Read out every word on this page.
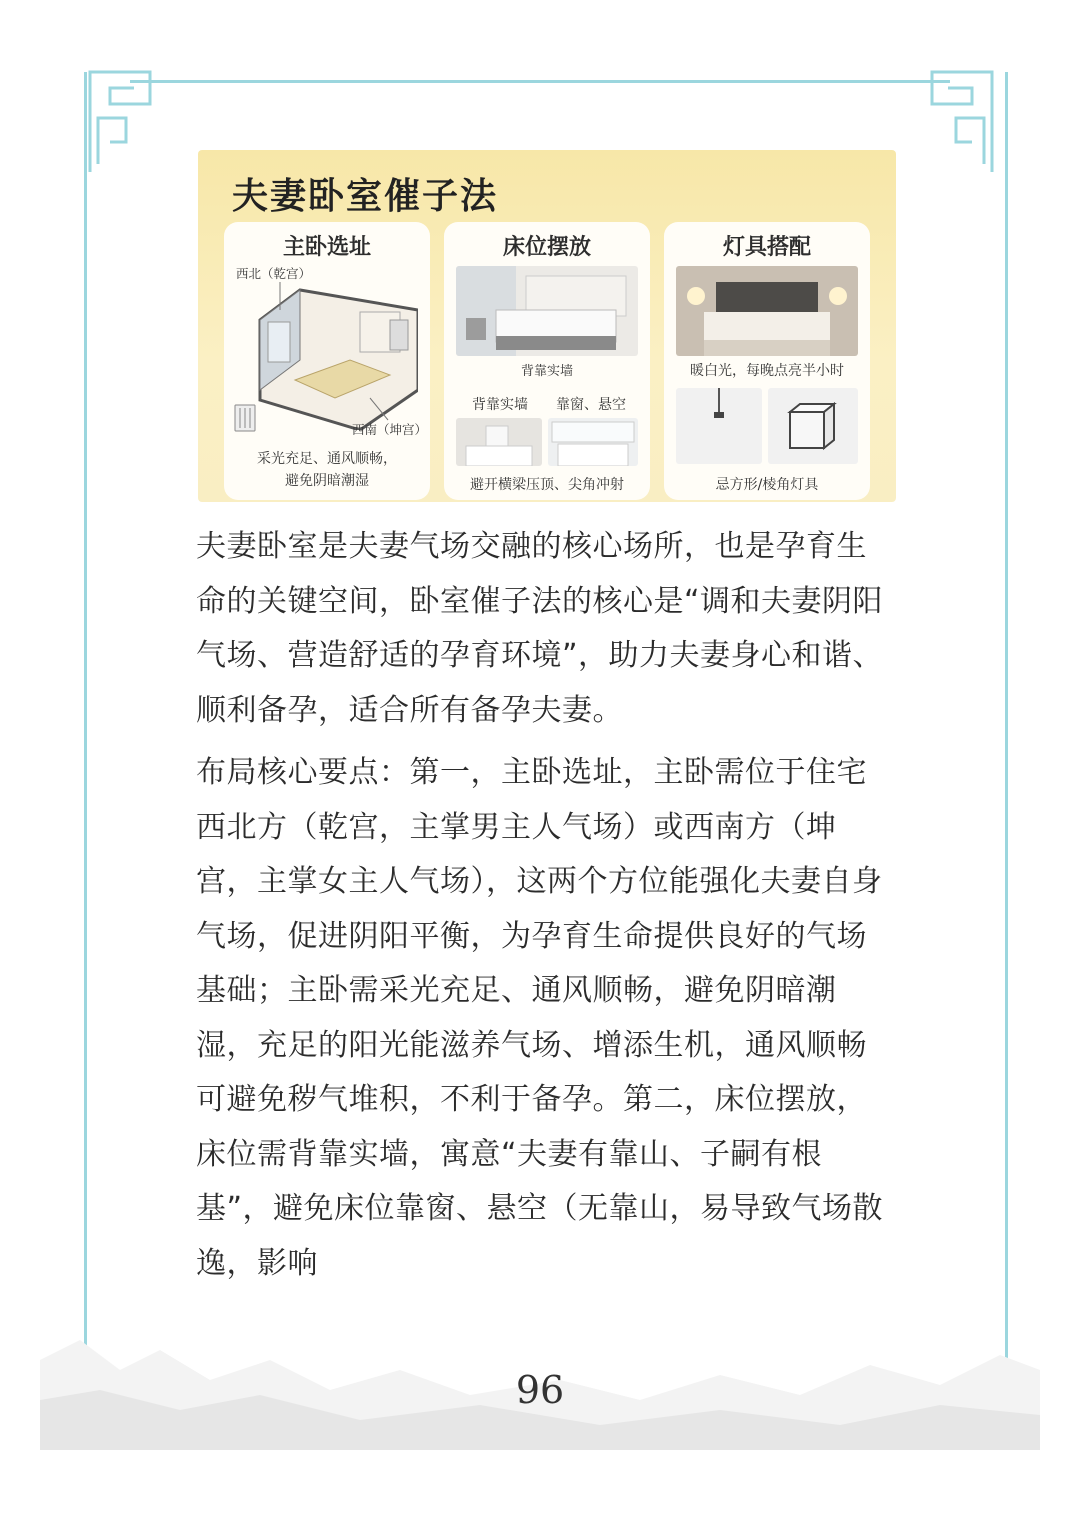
夫妻卧室催子法
主卧选址
西北（乾宫）
西南（坤宫）
采光充足、通风顺畅，
避免阴暗潮湿
床位摆放
背靠实墙
背靠实墙 靠窗、悬空
避开横梁压顶、尖角冲射
灯具搭配
暖白光，每晚点亮半小时
忌方形/棱角灯具

夫妻卧室是夫妻气场交融的核心场所，也是孕育生命的关键空间，卧室催子法的核心是“调和夫妻阴阳气场、营造舒适的孕育环境”，助力夫妻身心和谐、顺利备孕，适合所有备孕夫妻。

布局核心要点：第一，主卧选址，主卧需位于住宅西北方（乾宫，主掌男主人气场）或西南方（坤宫，主掌女主人气场），这两个方位能强化夫妻自身气场，促进阴阳平衡，为孕育生命提供良好的气场基础；主卧需采光充足、通风顺畅，避免阴暗潮湿，充足的阳光能滋养气场、增添生机，通风顺畅可避免秽气堆积，不利于备孕。第二，床位摆放，床位需背靠实墙，寓意“夫妻有靠山、子嗣有根基”，避免床位靠窗、悬空（无靠山，易导致气场散逸，影响

96
